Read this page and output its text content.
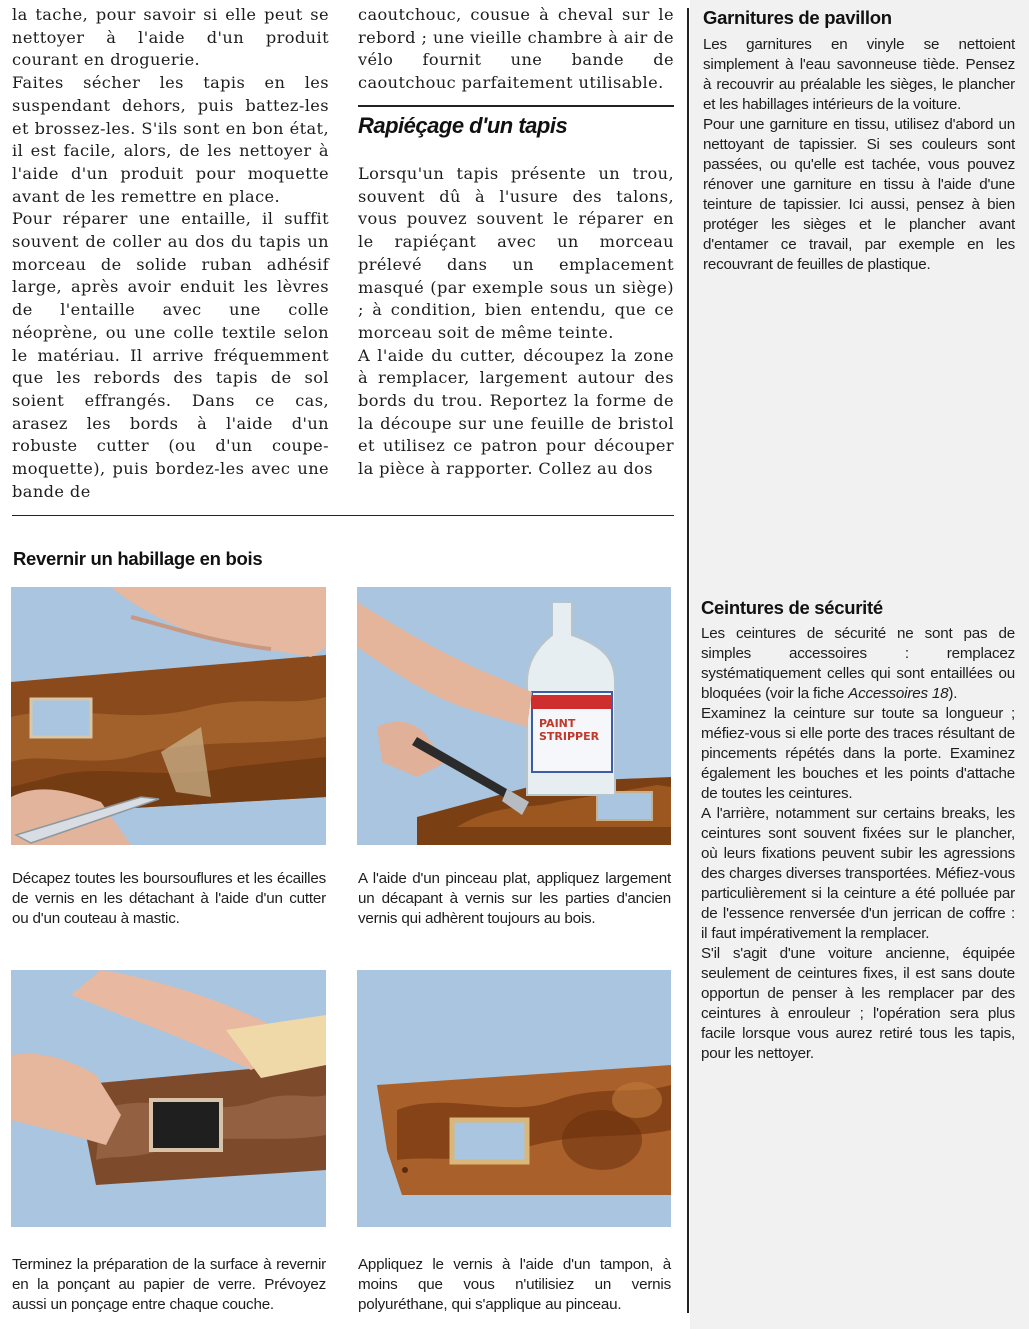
la tache, pour savoir si elle peut se nettoyer à l'aide d'un produit courant en droguerie.

Faites sécher les tapis en les suspendant dehors, puis battez-les et brossez-les. S'ils sont en bon état, il est facile, alors, de les nettoyer à l'aide d'un produit pour moquette avant de les remettre en place.

Pour réparer une entaille, il suffit souvent de coller au dos du tapis un morceau de solide ruban adhésif large, après avoir enduit les lèvres de l'entaille avec une colle néoprène, ou une colle textile selon le matériau. Il arrive fréquemment que les rebords des tapis de sol soient effrangés. Dans ce cas, arasez les bords à l'aide d'un robuste cutter (ou d'un coupe-moquette), puis bordez-les avec une bande de

caoutchouc, cousue à cheval sur le rebord ; une vieille chambre à air de vélo fournit une bande de caoutchouc parfaitement utilisable.

Rapiéçage d'un tapis

Lorsqu'un tapis présente un trou, souvent dû à l'usure des talons, vous pouvez souvent le réparer en le rapiéçant avec un morceau prélevé dans un emplacement masqué (par exemple sous un siège) ; à condition, bien entendu, que ce morceau soit de même teinte.

A l'aide du cutter, découpez la zone à remplacer, largement autour des bords du trou. Reportez la forme de la découpe sur une feuille de bristol et utilisez ce patron pour découper la pièce à rapporter. Collez au dos

Garnitures de pavillon

Les garnitures en vinyle se nettoient simplement à l'eau savonneuse tiède. Pensez à recouvrir au préalable les sièges, le plancher et les habillages intérieurs de la voiture.

Pour une garniture en tissu, utilisez d'abord un nettoyant de tapissier. Si ses couleurs sont passées, ou qu'elle est tachée, vous pouvez rénover une garniture en tissu à l'aide d'une teinture de tapissier. Ici aussi, pensez à bien protéger les sièges et le plancher avant d'entamer ce travail, par exemple en les recouvrant de feuilles de plastique.

Ceintures de sécurité

Les ceintures de sécurité ne sont pas de simples accessoires : remplacez systématiquement celles qui sont entaillées ou bloquées (voir la fiche Accessoires 18).

Examinez la ceinture sur toute sa longueur ; méfiez-vous si elle porte des traces résultant de pincements répétés dans la porte. Examinez également les bouches et les points d'attache de toutes les ceintures.

A l'arrière, notamment sur certains breaks, les ceintures sont souvent fixées sur le plancher, où leurs fixations peuvent subir les agressions des charges diverses transportées. Méfiez-vous particulièrement si la ceinture a été polluée par de l'essence renversée d'un jerrican de coffre : il faut impérativement la remplacer.

S'il s'agit d'une voiture ancienne, équipée seulement de ceintures fixes, il est sans doute opportun de penser à les remplacer par des ceintures à enrouleur ; l'opération sera plus facile lorsque vous aurez retiré tous les tapis, pour les nettoyer.

Revernir un habillage en bois
PAINT
STRIPPER

Décapez toutes les boursouflures et les écailles de vernis en les détachant à l'aide d'un cutter ou d'un couteau à mastic.

A l'aide d'un pinceau plat, appliquez largement un décapant à vernis sur les parties d'ancien vernis qui adhèrent toujours au bois.

Terminez la préparation de la surface à revernir en la ponçant au papier de verre. Prévoyez aussi un ponçage entre chaque couche.

Appliquez le vernis à l'aide d'un tampon, à moins que vous n'utilisiez un vernis polyuréthane, qui s'applique au pinceau.
